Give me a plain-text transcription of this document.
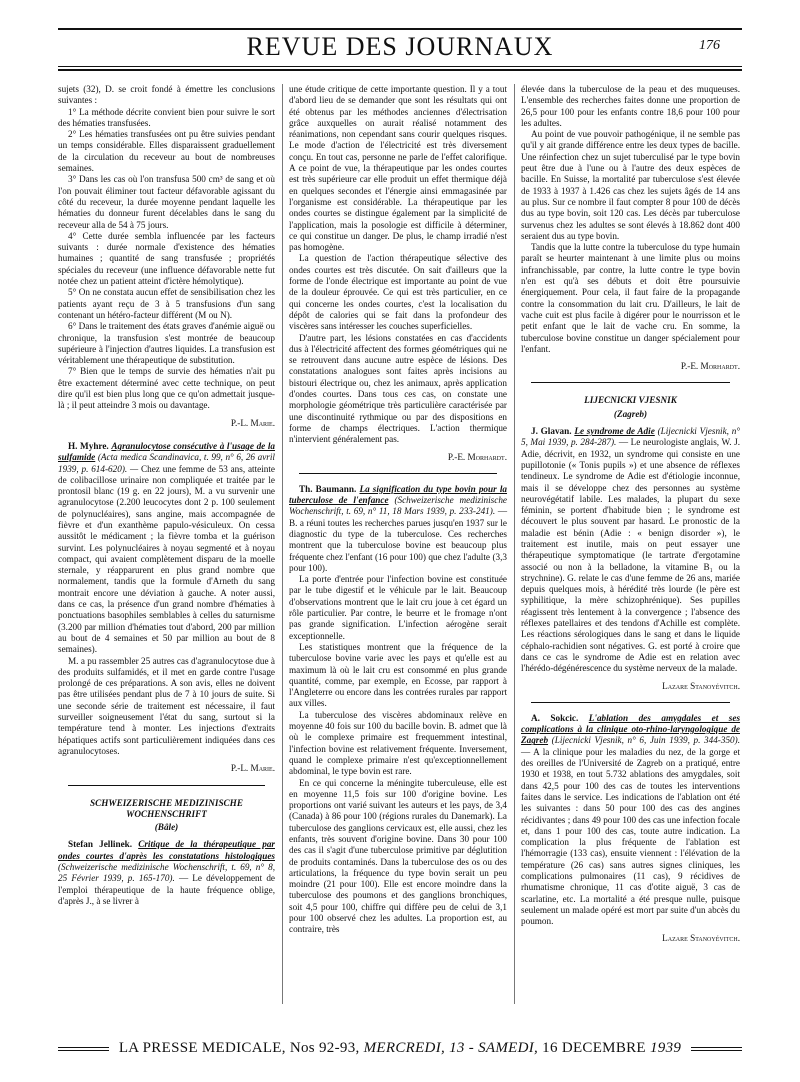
REVUE DES JOURNAUX	176

sujets (32), D. se croit fondé à émettre les conclusions suivantes :

1° La méthode décrite convient bien pour suivre le sort des hématies transfusées.

2° Les hématies transfusées ont pu être suivies pendant un temps considérable. Elles disparaissent graduellement de la circulation du receveur au bout de nombreuses semaines.

3° Dans les cas où l'on transfusa 500 cm³ de sang et où l'on pouvait éliminer tout facteur défavorable agissant du côté du receveur, la durée moyenne pendant laquelle les hématies du donneur furent décelables dans le sang du receveur alla de 54 à 75 jours.

4° Cette durée sembla influencée par les facteurs suivants : durée normale d'existence des hématies humaines ; quantité de sang transfusée ; propriétés spéciales du receveur (une influence défavorable nette fut notée chez un patient atteint d'ictère hémolytique).

5° On ne constata aucun effet de sensibilisation chez les patients ayant reçu de 3 à 5 transfusions d'un sang contenant un hétéro-facteur différent (M ou N).

6° Dans le traitement des états graves d'anémie aiguë ou chronique, la transfusion s'est montrée de beaucoup supérieure à l'injection d'autres liquides. La transfusion est véritablement une thérapeutique de substitution.

7° Bien que le temps de survie des hématies n'ait pu être exactement déterminé avec cette technique, on peut dire qu'il est bien plus long que ce qu'on admettait jusque-là ; il peut atteindre 3 mois ou davantage.

P.-L. Marie.

H. Myhre. Agranulocytose consécutive à l'usage de la sulfamide (Acta medica Scandinavica, t. 99, n° 6, 26 avril 1939, p. 614-620). — Chez une femme de 53 ans, atteinte de colibacillose urinaire non compliquée et traitée par le prontosil blanc (19 g. en 22 jours), M. a vu survenir une agranulocytose (2.200 leucocytes dont 2 p. 100 seulement de polynucléaires), sans angine, mais accompagnée de fièvre et d'un exanthème papulo-vésiculeux. On cessa aussitôt le médicament ; la fièvre tomba et la guérison survint. Les polynucléaires à noyau segmenté et à noyau compact, qui avaient complètement disparu de la moelle sternale, y réapparurent en plus grand nombre que normalement, tandis que la formule d'Arneth du sang montrait encore une déviation à gauche. A noter aussi, dans ce cas, la présence d'un grand nombre d'hématies à ponctuations basophiles semblables à celles du saturnisme (3.200 par million d'hématies tout d'abord, 200 par million au bout de 4 semaines et 50 par million au bout de 8 semaines).

M. a pu rassembler 25 autres cas d'agranulocytose due à des produits sulfamidés, et il met en garde contre l'usage prolongé de ces préparations. A son avis, elles ne doivent pas être utilisées pendant plus de 7 à 10 jours de suite. Si une seconde série de traitement est nécessaire, il faut surveiller soigneusement l'état du sang, surtout si la température tend à monter. Les injections d'extraits hépatiques actifs sont particulièrement indiquées dans ces agranulocytoses.

P.-L. Marie.

SCHWEIZERISCHE MEDIZINISCHE WOCHENSCHRIFT

(Bâle)

Stefan Jellinek. Critique de la thérapeutique par ondes courtes d'après les constatations histologiques (Schweizerische medizinische Wochenschrift, t. 69, n° 8, 25 Février 1939, p. 165-170). — Le développement de l'emploi thérapeutique de la haute fréquence oblige, d'après J., à se livrer à

une étude critique de cette importante question. Il y a tout d'abord lieu de se demander que sont les résultats qui ont été obtenus par les méthodes anciennes d'électrisation grâce auxquelles on aurait réalisé notamment des réanimations, non cependant sans courir quelques risques. Le mode d'action de l'électricité est très diversement conçu. En tout cas, personne ne parle de l'effet calorifique. A ce point de vue, la thérapeutique par les ondes courtes est très supérieure car elle produit un effet thermique déjà en quelques secondes et l'énergie ainsi emmagasinée par l'organisme est considérable. La thérapeutique par les ondes courtes se distingue également par la simplicité de l'application, mais la posologie est difficile à déterminer, ce qui constitue un danger. De plus, le champ irradié n'est pas homogène.

La question de l'action thérapeutique sélective des ondes courtes est très discutée. On sait d'ailleurs que la forme de l'onde électrique est importante au point de vue de la douleur éprouvée. Ce qui est très particulier, en ce qui concerne les ondes courtes, c'est la localisation du dépôt de calories qui se fait dans la profondeur des viscères sans intéresser les couches superficielles.

D'autre part, les lésions constatées en cas d'accidents dus à l'électricité affectent des formes géométriques qui ne se retrouvent dans aucune autre espèce de lésions. Des constatations analogues sont faites après incisions au bistouri électrique ou, chez les animaux, après application d'ondes courtes. Dans tous ces cas, on constate une morphologie géométrique très particulière caractérisée par une discontinuité rythmique ou par des dispositions en forme de champs électriques. L'action thermique n'intervient généralement pas.

P.-E. Morhardt.

Th. Baumann. La signification du type bovin pour la tuberculose de l'enfance (Schweizerische medizinische Wochenschrift, t. 69, n° 11, 18 Mars 1939, p. 233-241). — B. a réuni toutes les recherches parues jusqu'en 1937 sur le diagnostic du type de la tuberculose. Ces recherches montrent que la tuberculose bovine est beaucoup plus fréquente chez l'enfant (16 pour 100) que chez l'adulte (3,3 pour 100).

La porte d'entrée pour l'infection bovine est constituée par le tube digestif et le véhicule par le lait. Beaucoup d'observations montrent que le lait cru joue à cet égard un rôle particulier. Par contre, le beurre et le fromage n'ont pas grande signification. L'infection aérogène serait exceptionnelle.

Les statistiques montrent que la fréquence de la tuberculose bovine varie avec les pays et qu'elle est au maximum là où le lait cru est consommé en plus grande quantité, comme, par exemple, en Ecosse, par rapport à l'Angleterre ou encore dans les contrées rurales par rapport aux villes.

La tuberculose des viscères abdominaux relève en moyenne 40 fois sur 100 du bacille bovin. B. admet que là où le complexe primaire est frequemment intestinal, l'infection bovine est relativement fréquente. Inversement, quand le complexe primaire n'est qu'exceptionnellement abdominal, le type bovin est rare.

En ce qui concerne la méningite tuberculeuse, elle est en moyenne 11,5 fois sur 100 d'origine bovine. Les proportions ont varié suivant les auteurs et les pays, de 3,4 (Canada) à 86 pour 100 (régions rurales du Danemark). La tuberculose des ganglions cervicaux est, elle aussi, chez les enfants, très souvent d'origine bovine. Dans 30 pour 100 des cas il s'agit d'une tuberculose primitive par déglutition de produits contaminés. Dans la tuberculose des os ou des articulations, la fréquence du type bovin serait un peu moindre (21 pour 100). Elle est encore moindre dans la tuberculose des poumons et des ganglions bronchiques, soit 4,5 pour 100, chiffre qui diffère peu de celui de 3,1 pour 100 observé chez les adultes. La proportion est, au contraire, très

élevée dans la tuberculose de la peau et des muqueuses. L'ensemble des recherches faites donne une proportion de 26,5 pour 100 pour les enfants contre 18,6 pour 100 pour les adultes.

Au point de vue pouvoir pathogénique, il ne semble pas qu'il y ait grande différence entre les deux types de bacille. Une réinfection chez un sujet tuberculisé par le type bovin peut être due à l'une ou à l'autre des deux espèces de bacille. En Suisse, la mortalité par tuberculose s'est élevée de 1933 à 1937 à 1.426 cas chez les sujets âgés de 14 ans au plus. Sur ce nombre il faut compter 8 pour 100 de décès dus au type bovin, soit 120 cas. Les décès par tuberculose survenus chez les adultes se sont élevés à 18.862 dont 400 seraient dus au type bovin.

Tandis que la lutte contre la tuberculose du type humain paraît se heurter maintenant à une limite plus ou moins infranchissable, par contre, la lutte contre le type bovin n'en est qu'à ses débuts et doit être poursuivie énergiquement. Pour cela, il faut faire de la propagande contre la consommation du lait cru. D'ailleurs, le lait de vache cuit est plus facile à digérer pour le nourrisson et le petit enfant que le lait de vache cru. En somme, la tuberculose bovine constitue un danger spécialement pour l'enfant.

P.-E. Morhardt.

LIJECNICKI VJESNIK

(Zagreb)

J. Glavan. Le syndrome de Adie (Lijecnicki Vjesnik, n° 5, Mai 1939, p. 284-287). — Le neurologiste anglais, W. J. Adie, décrivit, en 1932, un syndrome qui consiste en une pupillotonie (« Tonis pupils ») et une absence de réflexes tendineux. Le syndrome de Adie est d'étiologie inconnue, mais il se développe chez des personnes au système neurovégétatif labile. Les malades, la plupart du sexe féminin, se portent d'habitude bien ; le syndrome est découvert le plus souvent par hasard. Le pronostic de la maladie est bénin (Adie : « benign disorder »), le traitement est inutile, mais on peut essayer une thérapeutique symptomatique (le tartrate d'ergotamine associé ou non à la belladone, la vitamine B₁ ou la strychnine). G. relate le cas d'une femme de 26 ans, mariée depuis quelques mois, à hérédité très lourde (le père est syphilitique, la mère schizophrénique). Ses pupilles réagissent très lentement à la convergence ; l'absence des réflexes patellaires et des tendons d'Achille est complète. Les réactions sérologiques dans le sang et dans le liquide céphalo-rachidien sont négatives. G. est porté à croire que dans ce cas le syndrome de Adie est en relation avec l'hérédo-dégénérescence du système nerveux de la malade.

Lazare Stanoyévitch.

A. Sokcic. L'ablation des amygdales et ses complications à la clinique oto-rhino-laryngologique de Zagreb (Lijecnicki Vjesnik, n° 6, Juin 1939, p. 344-350). — A la clinique pour les maladies du nez, de la gorge et des oreilles de l'Université de Zagreb on a pratiqué, entre 1930 et 1938, en tout 5.732 ablations des amygdales, soit dans 42,5 pour 100 des cas de toutes les interventions faites dans le service. Les indications de l'ablation ont été les suivantes : dans 50 pour 100 des cas des angines récidivantes ; dans 49 pour 100 des cas une infection focale et, dans 1 pour 100 des cas, toute autre indication. La complication la plus fréquente de l'ablation est l'hémorragie (133 cas), ensuite viennent : l'élévation de la température (26 cas) sans autres signes cliniques, les complications pulmonaires (11 cas), 9 récidives de rhumatisme chronique, 11 cas d'otite aiguë, 3 cas de scarlatine, etc. La mortalité a été presque nulle, puisque seulement un malade opéré est mort par suite d'un abcès du poumon.

Lazare Stanoyévitch.

LA PRESSE MEDICALE, Nos 92-93, MERCREDI, 13 - SAMEDI, 16 DECEMBRE 1939
